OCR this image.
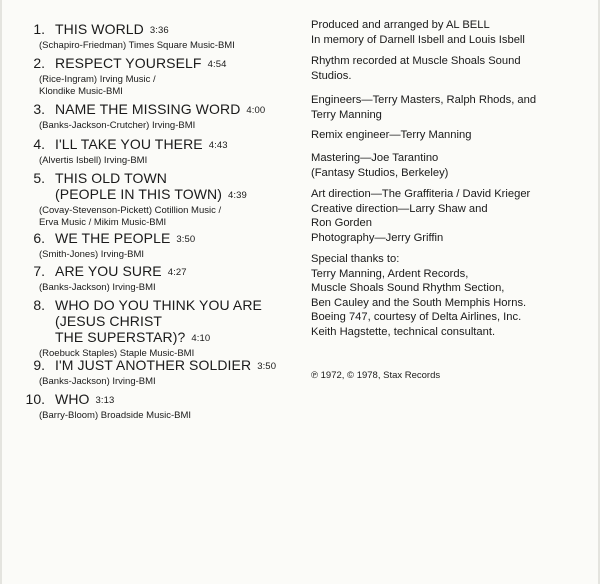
1. THIS WORLD 3:36
(Schapiro-Friedman) Times Square Music-BMI
2. RESPECT YOURSELF 4:54
(Rice-Ingram) Irving Music /
Klondike Music-BMI
3. NAME THE MISSING WORD 4:00
(Banks-Jackson-Crutcher) Irving-BMI
4. I'LL TAKE YOU THERE 4:43
(Alvertis Isbell) Irving-BMI
5. THIS OLD TOWN
(PEOPLE IN THIS TOWN) 4:39
(Covay-Stevenson-Pickett) Cotillion Music /
Erva Music / Mikim Music-BMI
6. WE THE PEOPLE 3:50
(Smith-Jones) Irving-BMI
7. ARE YOU SURE 4:27
(Banks-Jackson) Irving-BMI
8. WHO DO YOU THINK YOU ARE
(JESUS CHRIST
THE SUPERSTAR)? 4:10
(Roebuck Staples) Staple Music-BMI
9. I'M JUST ANOTHER SOLDIER 3:50
(Banks-Jackson) Irving-BMI
10. WHO 3:13
(Barry-Bloom) Broadside Music-BMI
Produced and arranged by AL BELL
In memory of Darnell Isbell and Louis Isbell
Rhythm recorded at Muscle Shoals Sound
Studios.
Engineers—Terry Masters, Ralph Rhods, and
Terry Manning
Remix engineer—Terry Manning
Mastering—Joe Tarantino
(Fantasy Studios, Berkeley)
Art direction—The Graffiteria / David Krieger
Creative direction—Larry Shaw and
Ron Gorden
Photography—Jerry Griffin
Special thanks to:
Terry Manning, Ardent Records,
Muscle Shoals Sound Rhythm Section,
Ben Cauley and the South Memphis Horns.
Boeing 747, courtesy of Delta Airlines, Inc.
Keith Hagstette, technical consultant.
℗ 1972, © 1978, Stax Records
